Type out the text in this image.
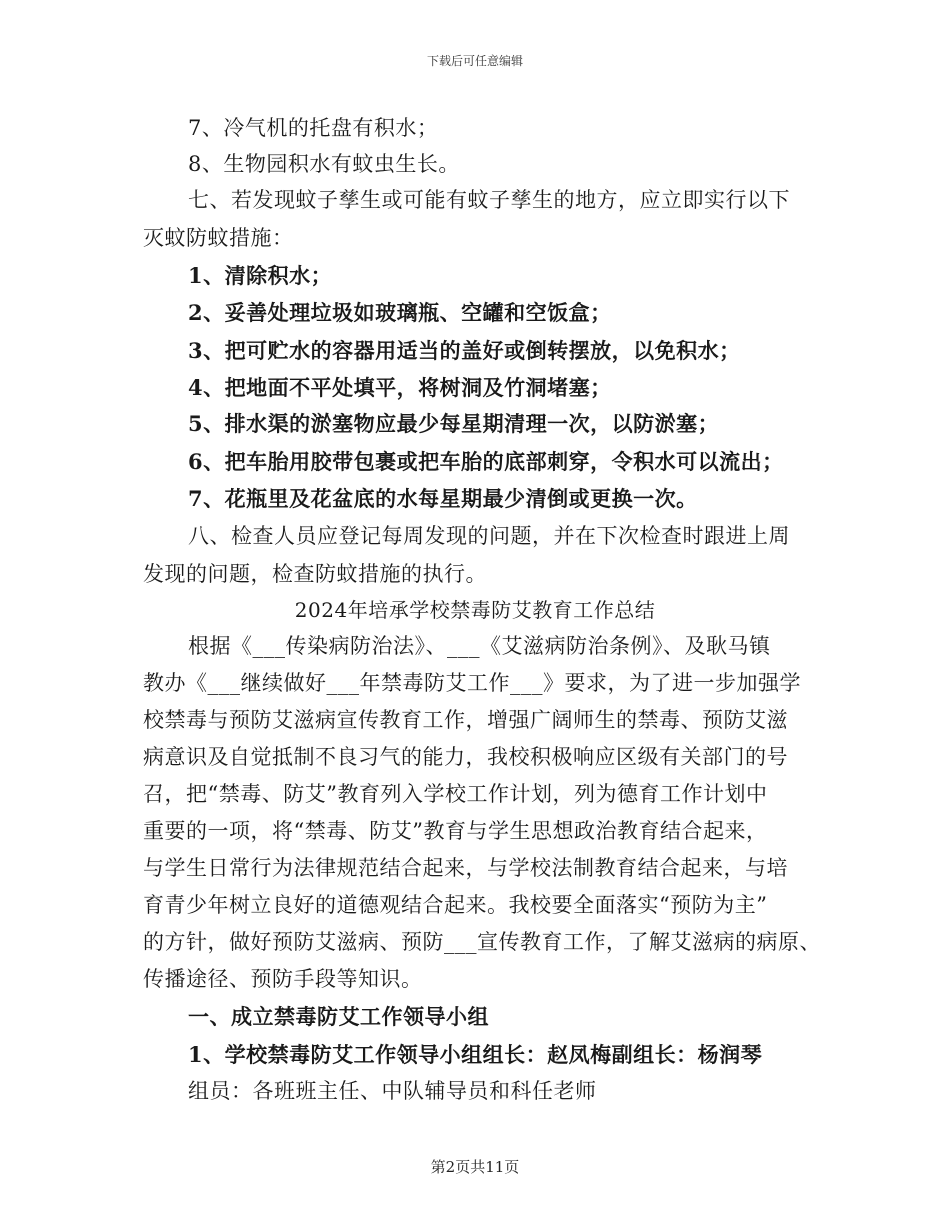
下载后可任意编辑
7、冷气机的托盘有积水；
8、生物园积水有蚊虫生长。
七、若发现蚊子孳生或可能有蚊子孳生的地方，应立即实行以下
灭蚊防蚊措施：
1、清除积水；
2、妥善处理垃圾如玻璃瓶、空罐和空饭盒；
3、把可贮水的容器用适当的盖好或倒转摆放，以免积水；
4、把地面不平处填平，将树洞及竹洞堵塞；
5、排水渠的淤塞物应最少每星期清理一次，以防淤塞；
6、把车胎用胶带包裹或把车胎的底部刺穿，令积水可以流出；
7、花瓶里及花盆底的水每星期最少清倒或更换一次。
八、检查人员应登记每周发现的问题，并在下次检查时跟进上周
发现的问题，检查防蚊措施的执行。
2024年培承学校禁毒防艾教育工作总结
根据《___传染病防治法》、___《艾滋病防治条例》、及耿马镇
教办《___继续做好___年禁毒防艾工作___》要求，为了进一步加强学
校禁毒与预防艾滋病宣传教育工作，增强广阔师生的禁毒、预防艾滋
病意识及自觉抵制不良习气的能力，我校积极响应区级有关部门的号
召，把“禁毒、防艾”教育列入学校工作计划，列为德育工作计划中
重要的一项，将“禁毒、防艾”教育与学生思想政治教育结合起来，
与学生日常行为法律规范结合起来，与学校法制教育结合起来，与培
育青少年树立良好的道德观结合起来。我校要全面落实“预防为主”
的方针，做好预防艾滋病、预防___宣传教育工作，了解艾滋病的病原、
传播途径、预防手段等知识。
一、成立禁毒防艾工作领导小组
1、学校禁毒防艾工作领导小组组长：赵凤梅副组长：杨润琴
组员：各班班主任、中队辅导员和科任老师
第2页共11页
